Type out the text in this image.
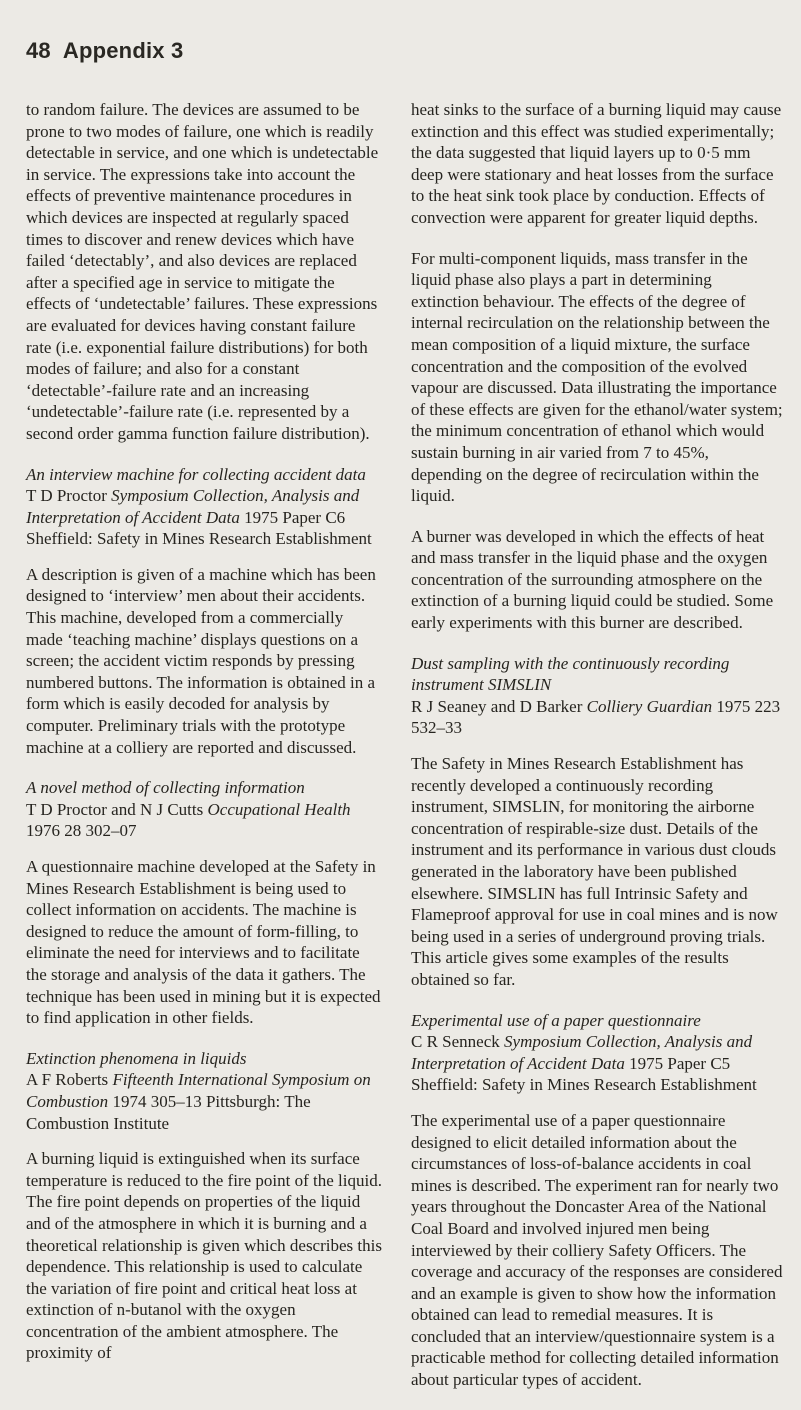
48 Appendix 3

to random failure. The devices are assumed to be prone to two modes of failure, one which is readily detectable in service, and one which is undetectable in service. The expressions take into account the effects of preventive maintenance procedures in which devices are inspected at regularly spaced times to discover and renew devices which have failed ‘detectably’, and also devices are replaced after a specified age in service to mitigate the effects of ‘undetectable’ failures. These expressions are evaluated for devices having constant failure rate (i.e. exponential failure distributions) for both modes of failure; and also for a constant ‘detectable’-failure rate and an increasing ‘undetectable’-failure rate (i.e. represented by a second order gamma function failure distribution).

An interview machine for collecting accident data
T D Proctor Symposium Collection, Analysis and Interpretation of Accident Data 1975 Paper C6 Sheffield: Safety in Mines Research Establishment

A description is given of a machine which has been designed to ‘interview’ men about their accidents. This machine, developed from a commercially made ‘teaching machine’ displays questions on a screen; the accident victim responds by pressing numbered buttons. The information is obtained in a form which is easily decoded for analysis by computer. Preliminary trials with the prototype machine at a colliery are reported and discussed.

A novel method of collecting information
T D Proctor and N J Cutts Occupational Health 1976 28 302–07

A questionnaire machine developed at the Safety in Mines Research Establishment is being used to collect information on accidents. The machine is designed to reduce the amount of form-filling, to eliminate the need for interviews and to facilitate the storage and analysis of the data it gathers. The technique has been used in mining but it is expected to find application in other fields.

Extinction phenomena in liquids
A F Roberts Fifteenth International Symposium on Combustion 1974 305–13 Pittsburgh: The Combustion Institute

A burning liquid is extinguished when its surface temperature is reduced to the fire point of the liquid. The fire point depends on properties of the liquid and of the atmosphere in which it is burning and a theoretical relationship is given which describes this dependence. This relationship is used to calculate the variation of fire point and critical heat loss at extinction of n-butanol with the oxygen concentration of the ambient atmosphere. The proximity of

heat sinks to the surface of a burning liquid may cause extinction and this effect was studied experimentally; the data suggested that liquid layers up to 0·5 mm deep were stationary and heat losses from the surface to the heat sink took place by conduction. Effects of convection were apparent for greater liquid depths.

For multi-component liquids, mass transfer in the liquid phase also plays a part in determining extinction behaviour. The effects of the degree of internal recirculation on the relationship between the mean composition of a liquid mixture, the surface concentration and the composition of the evolved vapour are discussed. Data illustrating the importance of these effects are given for the ethanol/water system; the minimum concentration of ethanol which would sustain burning in air varied from 7 to 45%, depending on the degree of recirculation within the liquid.

A burner was developed in which the effects of heat and mass transfer in the liquid phase and the oxygen concentration of the surrounding atmosphere on the extinction of a burning liquid could be studied. Some early experiments with this burner are described.

Dust sampling with the continuously recording instrument SIMSLIN
R J Seaney and D Barker Colliery Guardian 1975 223 532–33

The Safety in Mines Research Establishment has recently developed a continuously recording instrument, SIMSLIN, for monitoring the airborne concentration of respirable-size dust. Details of the instrument and its performance in various dust clouds generated in the laboratory have been published elsewhere. SIMSLIN has full Intrinsic Safety and Flameproof approval for use in coal mines and is now being used in a series of underground proving trials. This article gives some examples of the results obtained so far.

Experimental use of a paper questionnaire
C R Senneck Symposium Collection, Analysis and Interpretation of Accident Data 1975 Paper C5 Sheffield: Safety in Mines Research Establishment

The experimental use of a paper questionnaire designed to elicit detailed information about the circumstances of loss-of-balance accidents in coal mines is described. The experiment ran for nearly two years throughout the Doncaster Area of the National Coal Board and involved injured men being interviewed by their colliery Safety Officers. The coverage and accuracy of the responses are considered and an example is given to show how the information obtained can lead to remedial measures. It is concluded that an interview/questionnaire system is a practicable method for collecting detailed information about particular types of accident.
